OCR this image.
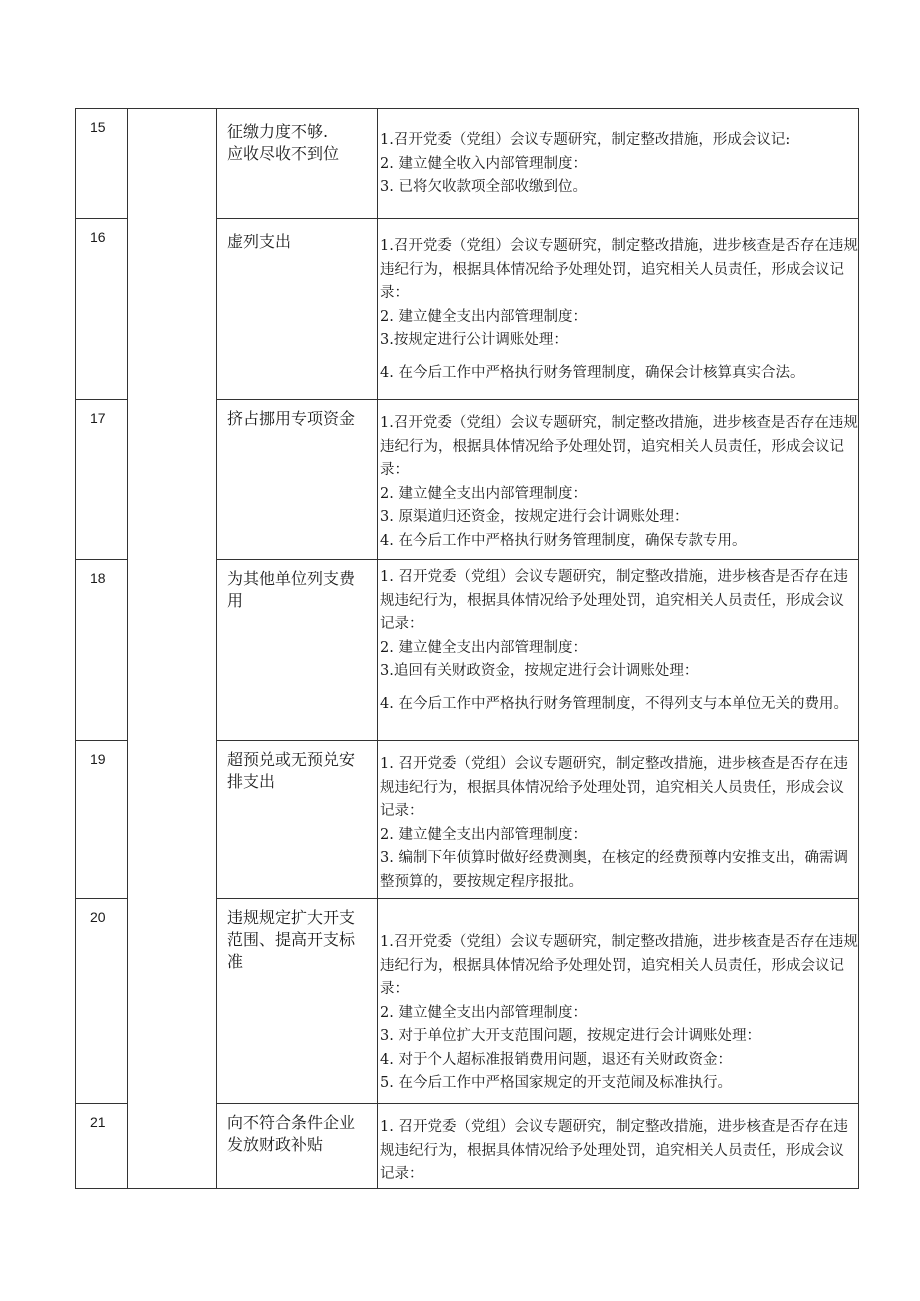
15		征缴力度不够.
应收尽收不到位	1.召开党委（党组）会议专题研究，制定整改措施，形成会议记:
2. 建立健全收入内部管理制度：
3. 已将欠收款项全部收缴到位。

16		虚列支出	1.召开党委（党组）会议专题研究，制定整改措施，进步核查是否存在违规违纪行为，根据具体情况给予处理处罚，追究相关人员责任，形成会议记录：
2. 建立健全支出内部管理制度：
3.按规定进行公计调账处理：
4. 在今后工作中严格执行财务管理制度，确保会计核算真实合法。

17		挤占挪用专项资金	1.召开党委（党组）会议专题研究，制定整改措施，进步核查是否存在违规违纪行为，根据具体情况给予处理处罚，追究相关人员责任，形成会议记录：
2. 建立健全支出内部管理制度：
3. 原渠道归还资金，按规定进行会计调账处理：
4. 在今后工作中严格执行财务管理制度，确保专款专用。

18		为其他单位列支费
用	1. 召开党委（党组）会议专题研究，制定整改措施，进步核杳是否存在违规违纪行为，根据具体情况给予处理处罚，追究相关人员责任，形成会议记录：
2. 建立健全支出内部管理制度：
3.追回有关财政资金，按规定进行会计调账处理：
4. 在今后工作中严格执行财务管理制度，不得列支与本单位无关的费用。

19		超预兑或无预兑安
排支出	1. 召开党委（党组）会议专题研究，制定整改措施，进步核查是否存在违规违纪行为，根据具体情况给予处理处罚，追究相关人员贵任，形成会议记录：
2. 建立健全支出内部管理制度：
3. 编制下年侦算时做好经费测奥，在核定的经费预尊内安推支出，确需调整预算的，要按规定程序报批。

20		违规规定扩大开支
范围、提高开支标
准	1.召开党委（党组）会议专题研究，制定整改措施，进步核査是否存在违规违纪行为，根据具体情况给予处理处罚，追究相关人员责任，形成会议记录：
2. 建立健全支出内部管理制度：
3. 对于单位扩大开支范围问题，按规定进行会计调账处理：
4. 对于个人超标准报销费用问题，退还有关财政资金：
5. 在今后工作中严格国家规定的开支范闹及标准执行。

21		向不符合条件企业
发放财政补贴	1. 召开党委（党组）会议专题研究，制定整改措施，进步核査是否存在违规违纪行为，根据具体情况给予处理处罚，追究相关人员责任，形成会议记录：
